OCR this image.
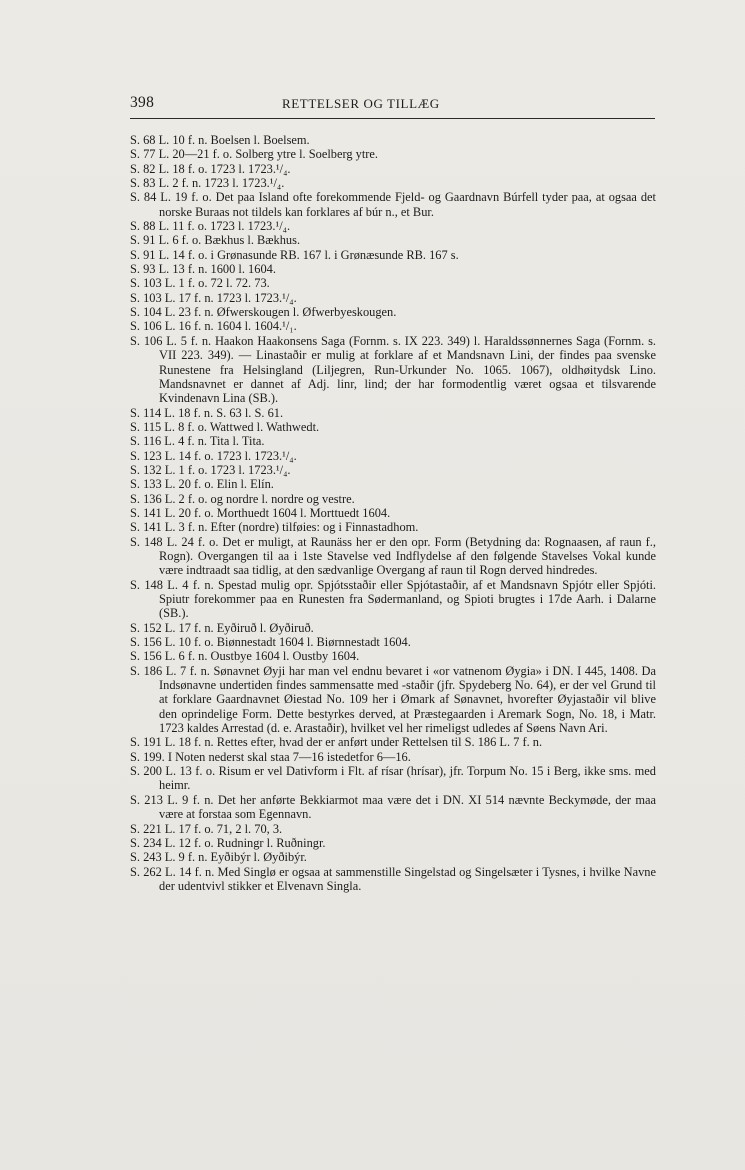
398	RETTELSER OG TILLÆG
S. 68 L. 10 f. n. Boelsen l. Boelsem.
S. 77 L. 20—21 f. o. Solberg ytre l. Soelberg ytre.
S. 82 L. 18 f. o. 1723 l. 1723.¹/₄.
S. 83 L. 2 f. n. 1723 l. 1723.¹/₄.
S. 84 L. 19 f. o. Det paa Island ofte forekommende Fjeld- og Gaardnavn Búrfell tyder paa, at ogsaa det norske Buraas not tildels kan forklares af búr n., et Bur.
S. 88 L. 11 f. o. 1723 l. 1723.¹/₄.
S. 91 L. 6 f. o. Bækhus l. Bækhus.
S. 91 L. 14 f. o. i Grønasunde RB. 167 l. i Grønæsunde RB. 167 s.
S. 93 L. 13 f. n. 1600 l. 1604.
S. 103 L. 1 f. o. 72 l. 72. 73.
S. 103 L. 17 f. n. 1723 l. 1723.¹/₄.
S. 104 L. 23 f. n. Øfwerskougen l. Øfwerbyeskougen.
S. 106 L. 16 f. n. 1604 l. 1604.¹/₁.
S. 106 L. 5 f. n. Haakon Haakonsens Saga (Fornm. s. IX 223. 349) l. Haraldssønnernes Saga (Fornm. s. VII 223. 349). — Linastaðir er mulig at forklare af et Mandsnavn Lini, der findes paa svenske Runestene fra Helsingland (Liljegren, Run-Urkunder No. 1065. 1067), oldhøitydsk Lino. Mandsnavnet er dannet af Adj. linr, lind; der har formodentlig været ogsaa et tilsvarende Kvindenavn Lina (SB.).
S. 114 L. 18 f. n. S. 63 l. S. 61.
S. 115 L. 8 f. o. Wattwed l. Wathwedt.
S. 116 L. 4 f. n. Tita l. Tita.
S. 123 L. 14 f. o. 1723 l. 1723.¹/₄.
S. 132 L. 1 f. o. 1723 l. 1723.¹/₄.
S. 133 L. 20 f. o. Elin l. Elín.
S. 136 L. 2 f. o. og nordre l. nordre og vestre.
S. 141 L. 20 f. o. Morthuedt 1604 l. Morttuedt 1604.
S. 141 L. 3 f. n. Efter (nordre) tilføies: og i Finnastadhom.
S. 148 L. 24 f. o. Det er muligt, at Raunäss her er den opr. Form (Betydning da: Rognaasen, af raun f., Rogn). Overgangen til aa i 1ste Stavelse ved Indflydelse af den følgende Stavelses Vokal kunde være indtraadt saa tidlig, at den sædvanlige Overgang af raun til Rogn derved hindredes.
S. 148 L. 4 f. n. Spestad mulig opr. Spjótsstaðir eller Spjótastaðir, af et Mandsnavn Spjótr eller Spjóti. Spiutr forekommer paa en Runesten fra Sødermanland, og Spioti brugtes i 17de Aarh. i Dalarne (SB.).
S. 152 L. 17 f. n. Eyðiruð l. Øyðiruð.
S. 156 L. 10 f. o. Biønnestadt 1604 l. Biørnnestadt 1604.
S. 156 L. 6 f. n. Oustbye 1604 l. Oustby 1604.
S. 186 L. 7 f. n. Sønavnet Øyji har man vel endnu bevaret i «or vatnenom Øygia» i DN. I 445, 1408. Da Indsønavne undertiden findes sammensatte med -staðir (jfr. Spydeberg No. 64), er der vel Grund til at forklare Gaardnavnet Øiestad No. 109 her i Ømark af Sønavnet, hvorefter Øyjastaðir vil blive den oprindelige Form. Dette bestyrkes derved, at Præstegaarden i Aremark Sogn, No. 18, i Matr. 1723 kaldes Arrestad (d. e. Arastaðir), hvilket vel her rimeligst udledes af Søens Navn Ari.
S. 191 L. 18 f. n. Rettes efter, hvad der er anført under Rettelsen til S. 186 L. 7 f. n.
S. 199. I Noten nederst skal staa 7—16 istedetfor 6—16.
S. 200 L. 13 f. o. Risum er vel Dativform i Flt. af rísar (hrísar), jfr. Torpum No. 15 i Berg, ikke sms. med heimr.
S. 213 L. 9 f. n. Det her anførte Bekkiarmot maa være det i DN. XI 514 nævnte Beckymøde, der maa være at forstaa som Egennavn.
S. 221 L. 17 f. o. 71, 2 l. 70, 3.
S. 234 L. 12 f. o. Rudningr l. Ruðningr.
S. 243 L. 9 f. n. Eyðibýr l. Øyðibýr.
S. 262 L. 14 f. n. Med Singlø er ogsaa at sammenstille Singelstad og Singelsæter i Tysnes, i hvilke Navne der udentvivl stikker et Elvenavn Singla.
